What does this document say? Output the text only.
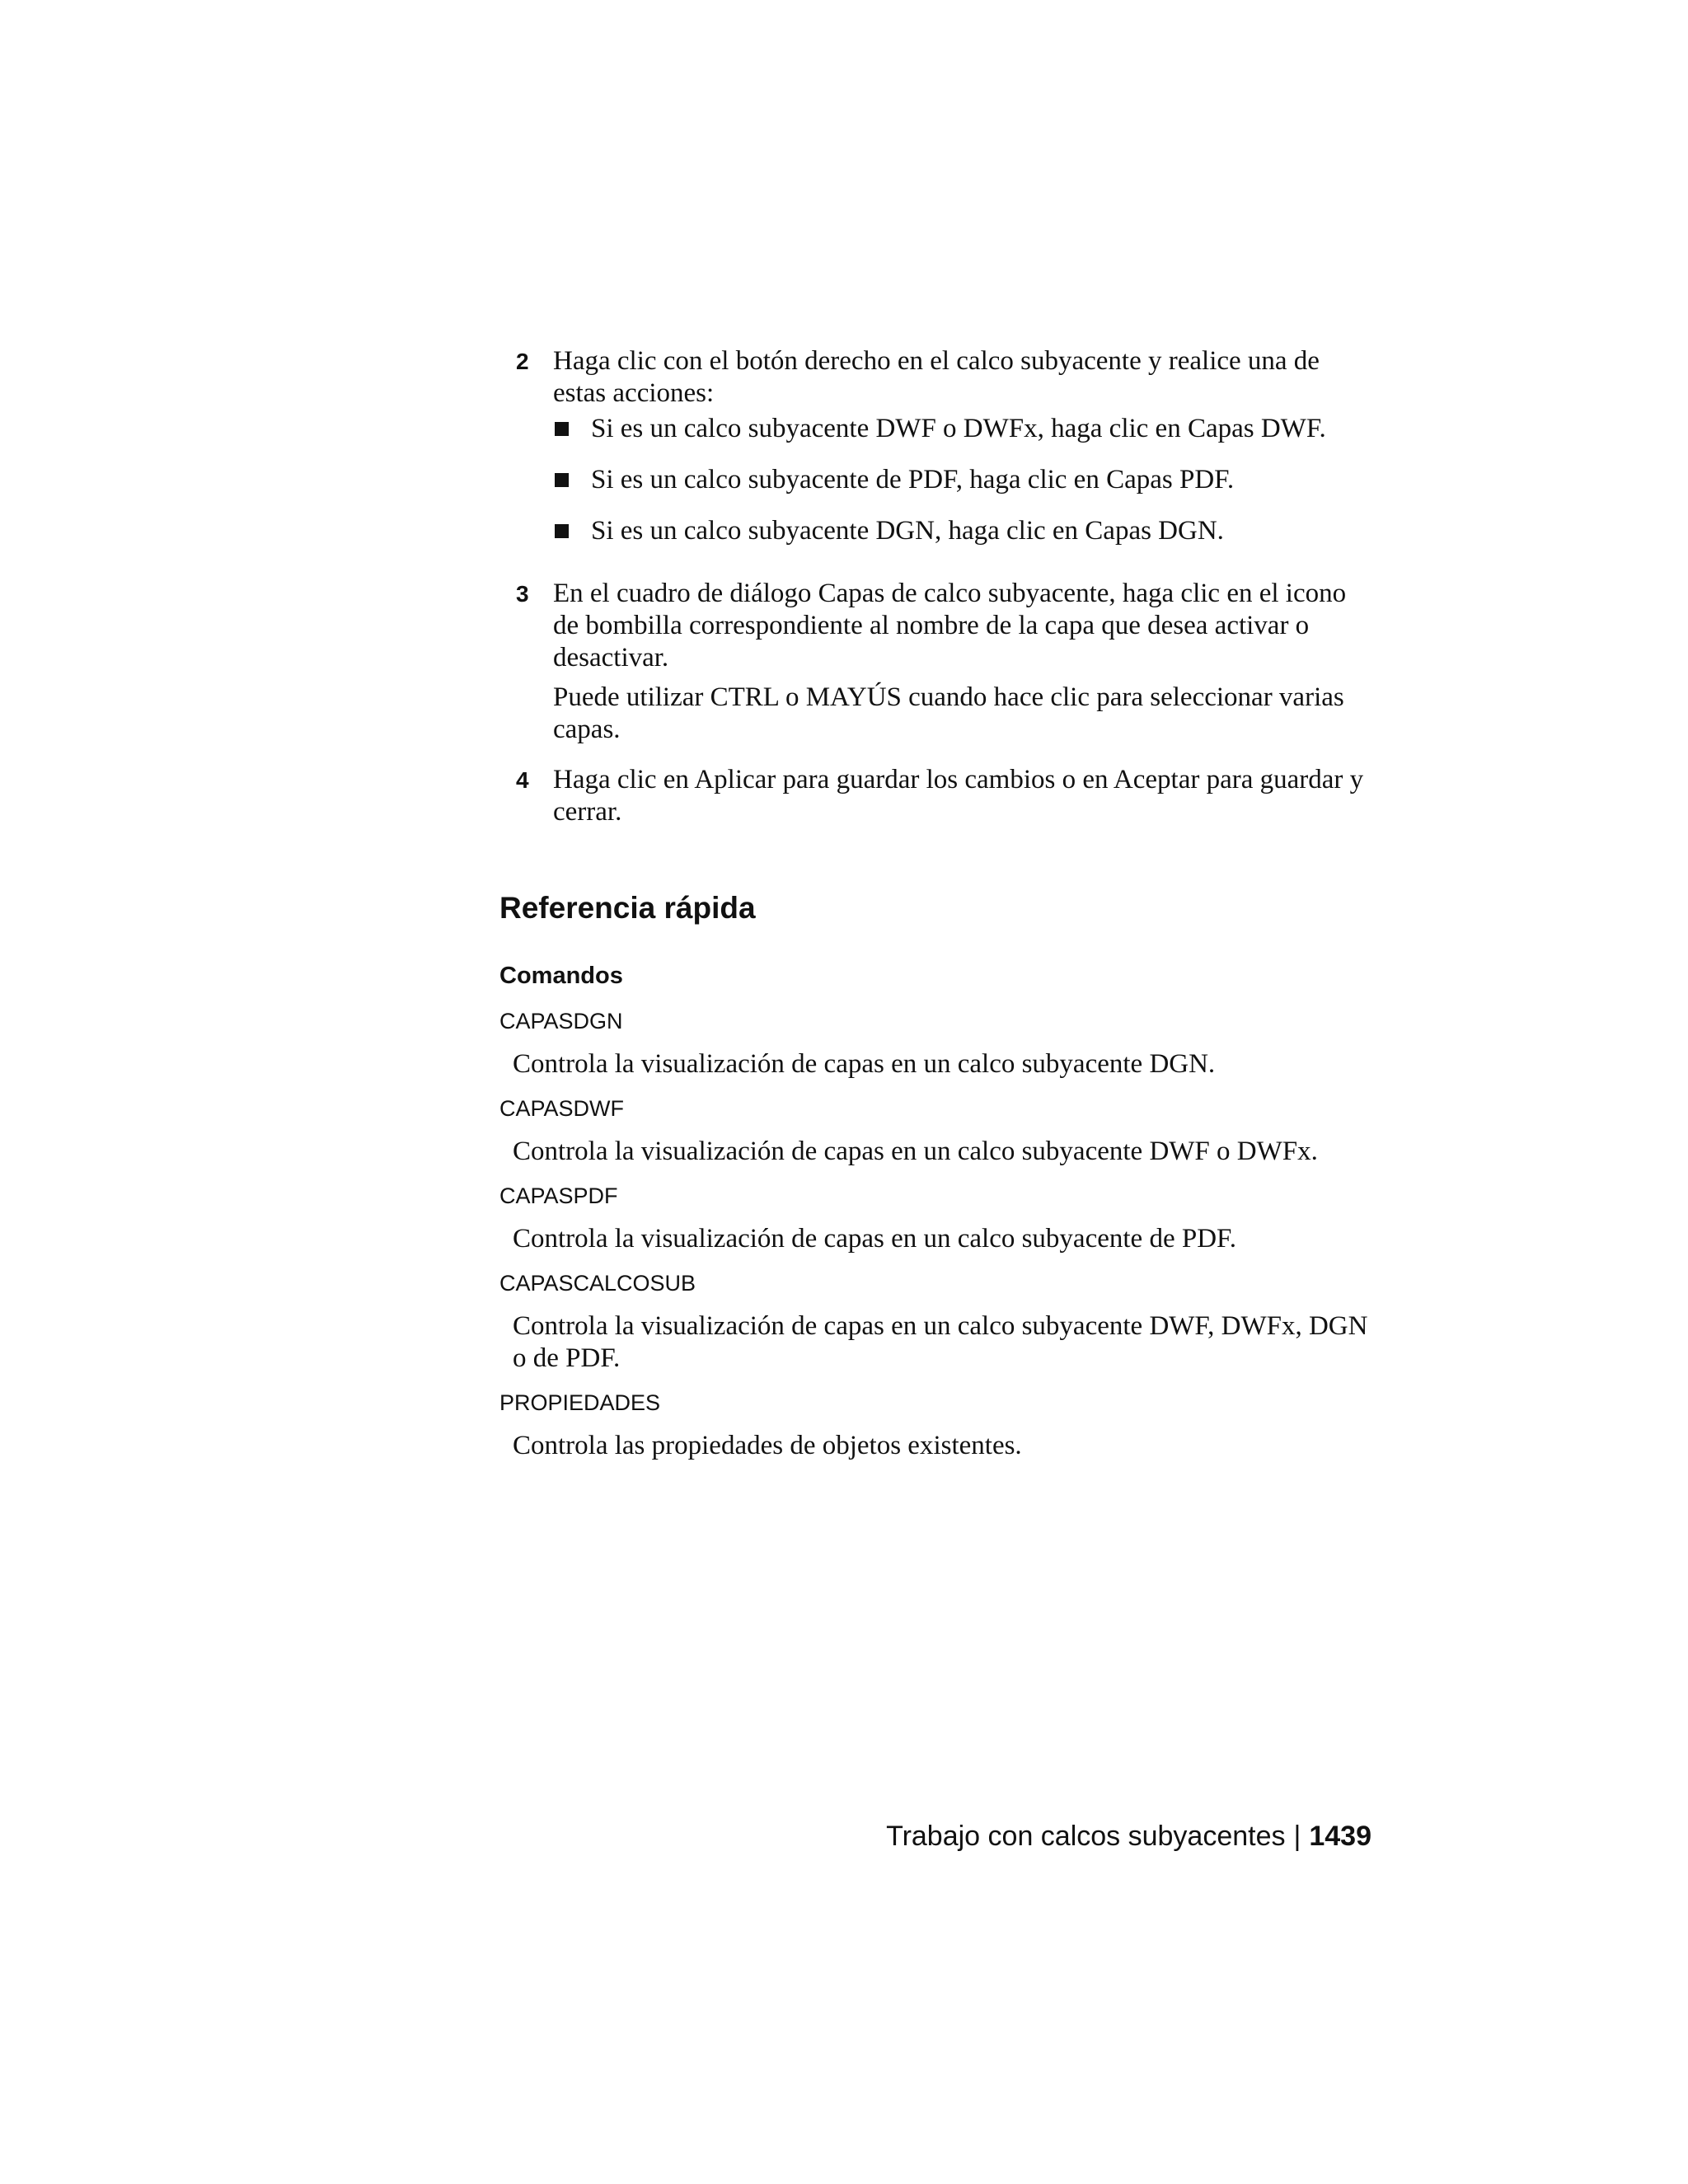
2 Haga clic con el botón derecho en el calco subyacente y realice una de estas acciones:

Si es un calco subyacente DWF o DWFx, haga clic en Capas DWF.
Si es un calco subyacente de PDF, haga clic en Capas PDF.
Si es un calco subyacente DGN, haga clic en Capas DGN.
3 En el cuadro de diálogo Capas de calco subyacente, haga clic en el icono de bombilla correspondiente al nombre de la capa que desea activar o desactivar.

Puede utilizar CTRL o MAYÚS cuando hace clic para seleccionar varias capas.

4 Haga clic en Aplicar para guardar los cambios o en Aceptar para guardar y cerrar.

Referencia rápida
Comandos

CAPASDGN

Controla la visualización de capas en un calco subyacente DGN.

CAPASDWF

Controla la visualización de capas en un calco subyacente DWF o DWFx.

CAPASPDF

Controla la visualización de capas en un calco subyacente de PDF.

CAPASCALCOSUB

Controla la visualización de capas en un calco subyacente DWF, DWFx, DGN o de PDF.

PROPIEDADES

Controla las propiedades de objetos existentes.

Trabajo con calcos subyacentes | 1439
